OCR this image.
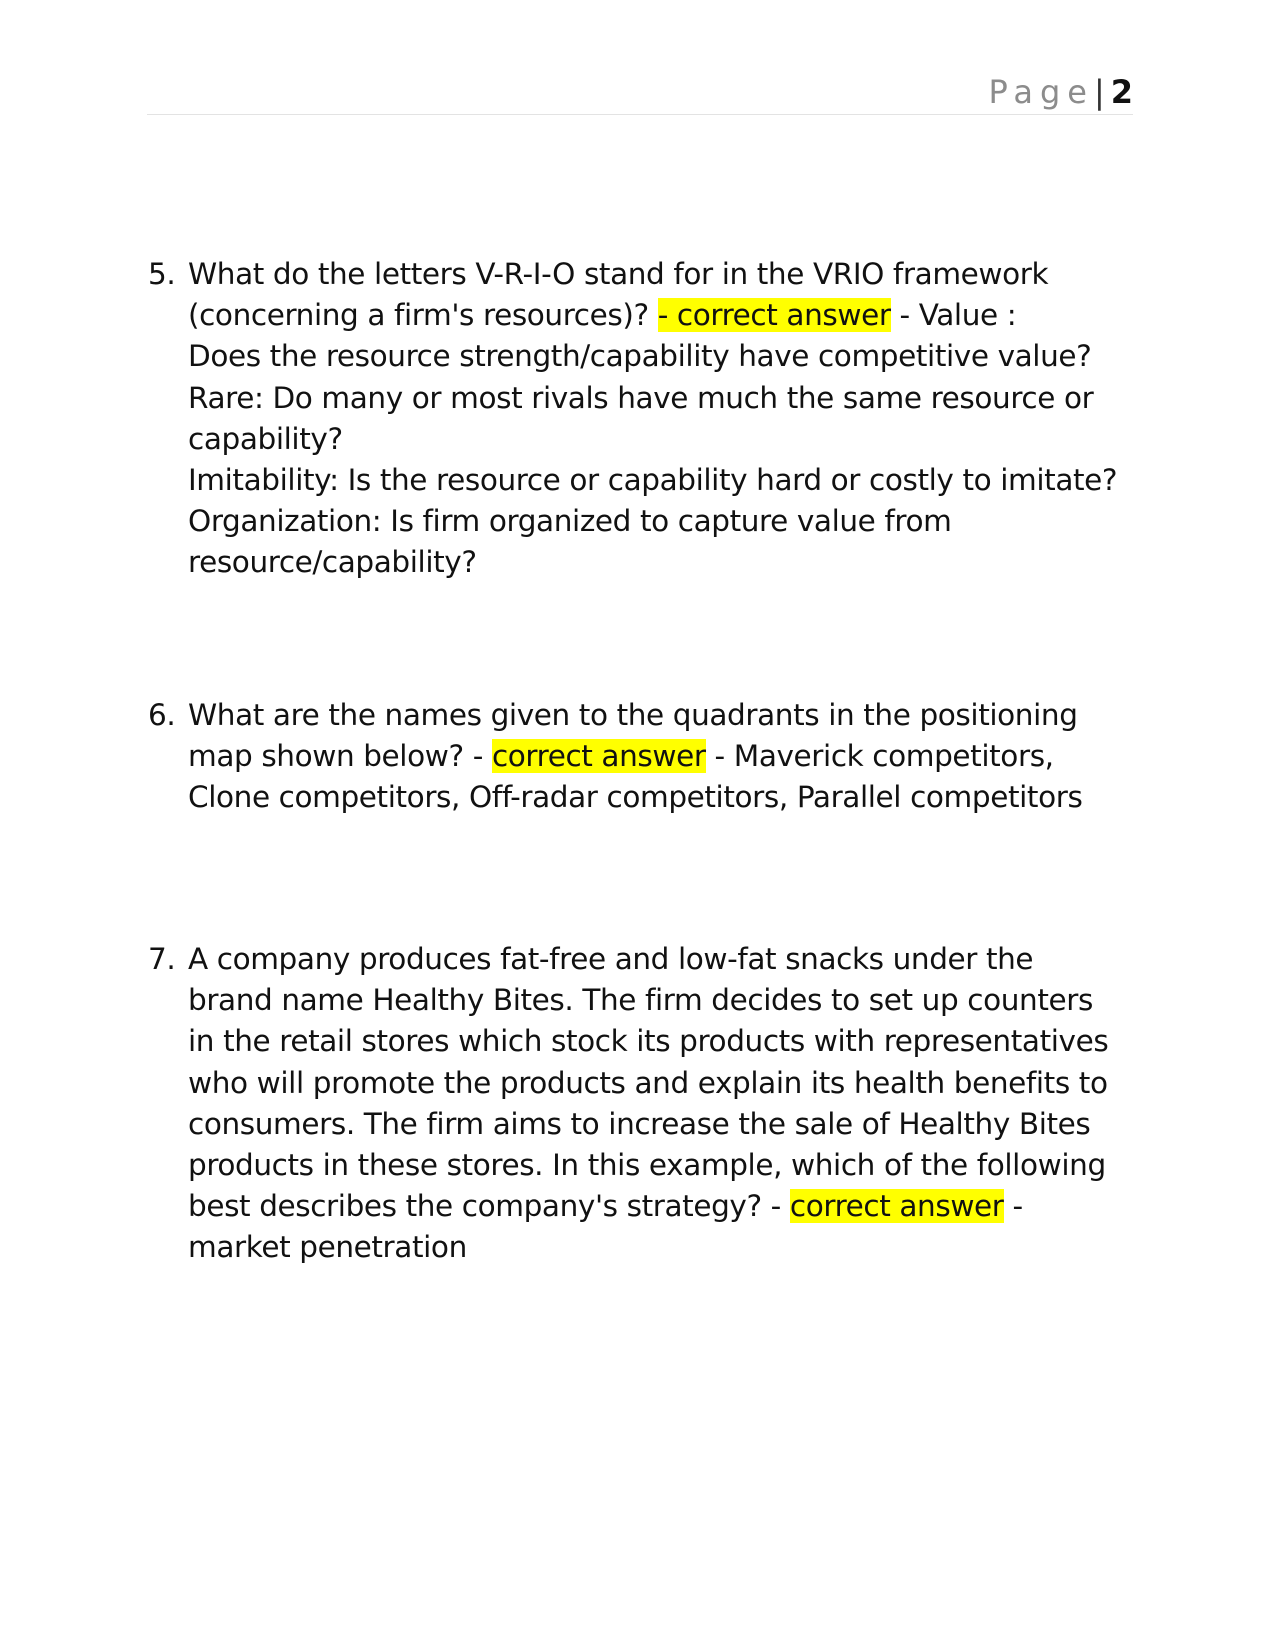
Page| 2
5. What do the letters V-R-I-O stand for in the VRIO framework
(concerning a firm's resources)? - correct answer - Value :
Does the resource strength/capability have competitive value?
Rare: Do many or most rivals have much the same resource or
capability?
Imitability: Is the resource or capability hard or costly to imitate?
Organization: Is firm organized to capture value from
resource/capability?
6. What are the names given to the quadrants in the positioning
map shown below? - correct answer - Maverick competitors,
Clone competitors, Off-radar competitors, Parallel competitors
7. A company produces fat-free and low-fat snacks under the
brand name Healthy Bites. The firm decides to set up counters
in the retail stores which stock its products with representatives
who will promote the products and explain its health benefits to
consumers. The firm aims to increase the sale of Healthy Bites
products in these stores. In this example, which of the following
best describes the company's strategy? - correct answer -
market penetration
